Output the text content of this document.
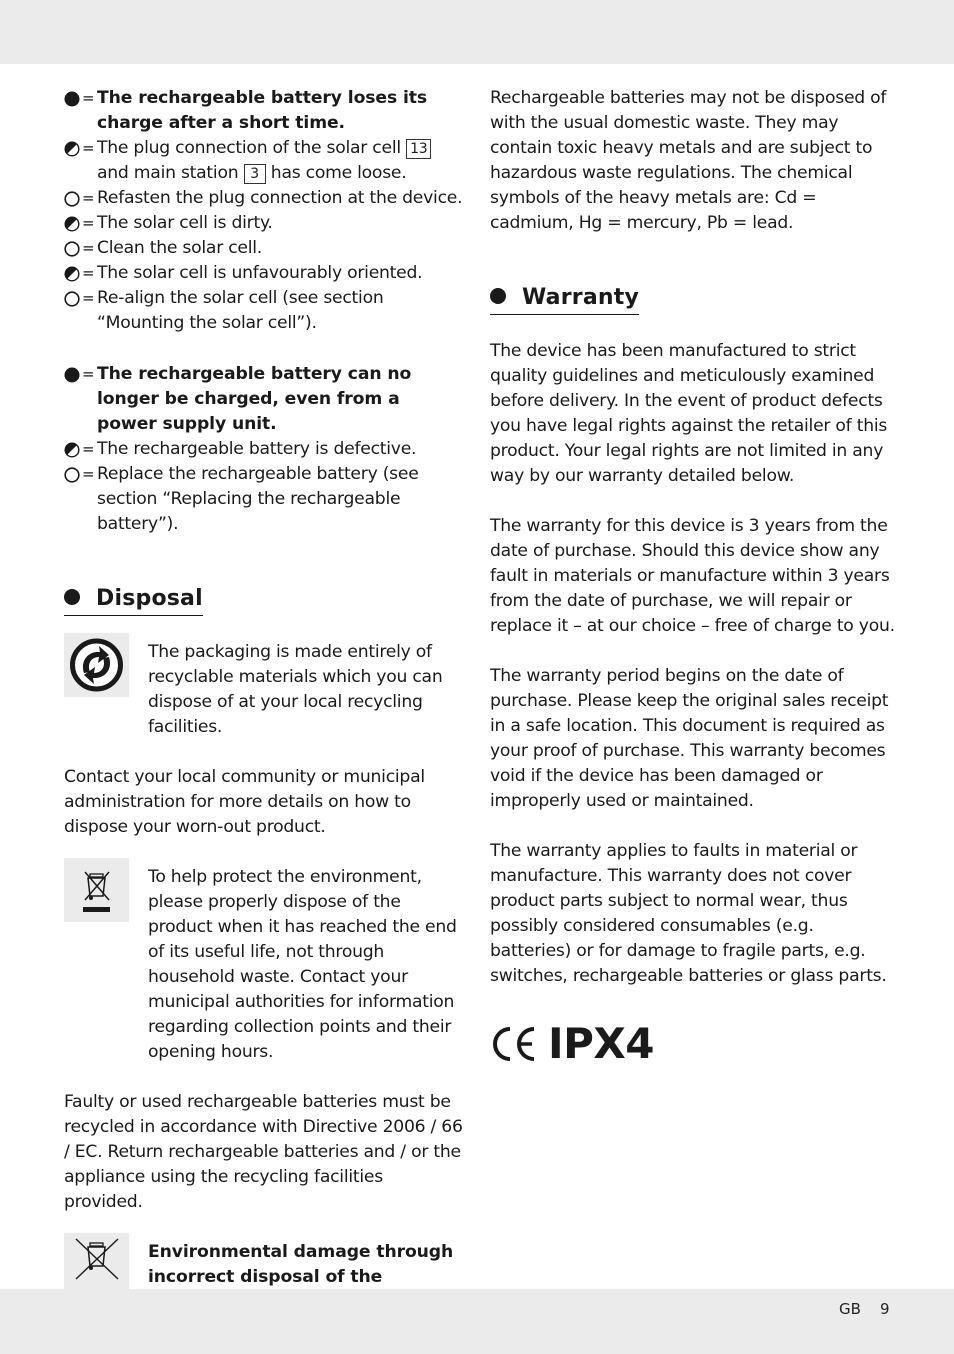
= The rechargeable battery loses its charge after a short time.
= The plug connection of the solar cell 13 and main station 3 has come loose.
= Refasten the plug connection at the device.
= The solar cell is dirty.
= Clean the solar cell.
= The solar cell is unfavourably oriented.
= Re-align the solar cell (see section “Mounting the solar cell”).
= The rechargeable battery can no longer be charged, even from a power supply unit.
= The rechargeable battery is defective.
= Replace the rechargeable battery (see section “Replacing the rechargeable battery”).
Disposal
The packaging is made entirely of recyclable materials which you can dispose of at your local recycling facilities.
Contact your local community or municipal administration for more details on how to dispose your worn-out product.
To help protect the environment, please properly dispose of the product when it has reached the end of its useful life, not through household waste. Contact your municipal authorities for information regarding collection points and their opening hours.
Faulty or used rechargeable batteries must be recycled in accordance with Directive 2006 / 66 / EC. Return rechargeable batteries and / or the appliance using the recycling facilities provided.
Environmental damage through incorrect disposal of the
Rechargeable batteries may not be disposed of with the usual domestic waste. They may contain toxic heavy metals and are subject to hazardous waste regulations. The chemical symbols of the heavy metals are: Cd = cadmium, Hg = mercury, Pb = lead.
Warranty
The device has been manufactured to strict quality guidelines and meticulously examined before delivery. In the event of product defects you have legal rights against the retailer of this product. Your legal rights are not limited in any way by our warranty detailed below.
The warranty for this device is 3 years from the date of purchase. Should this device show any fault in materials or manufacture within 3 years from the date of purchase, we will repair or replace it – at our choice – free of charge to you.
The warranty period begins on the date of purchase. Please keep the original sales receipt in a safe location. This document is required as your proof of purchase. This warranty becomes void if the device has been damaged or improperly used or maintained.
The warranty applies to faults in material or manufacture. This warranty does not cover product parts subject to normal wear, thus possibly considered consumables (e.g. batteries) or for damage to fragile parts, e.g. switches, rechargeable batteries or glass parts.
IPX4
GB 9
